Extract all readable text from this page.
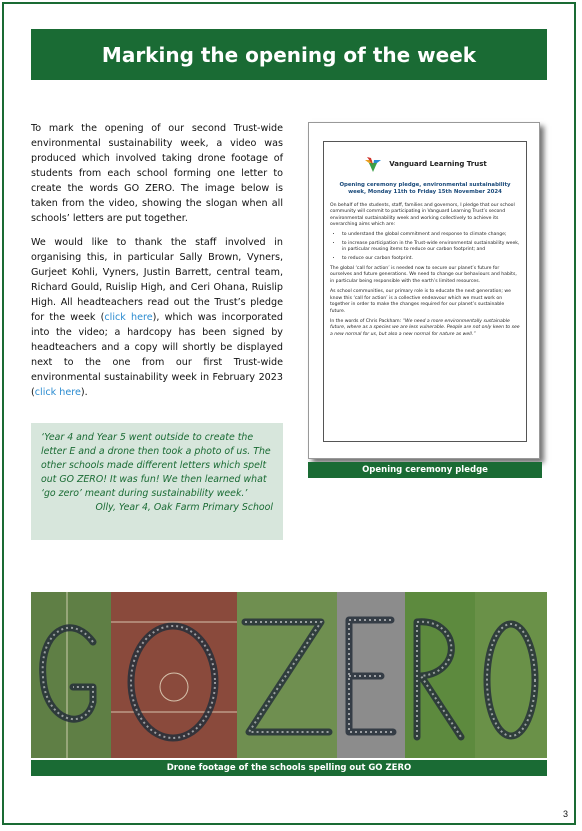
Marking the opening of the week

To mark the opening of our second Trust-wide environmental sustainability week, a video was produced which involved taking drone footage of students from each school forming one letter to create the words GO ZERO. The image below is taken from the video, showing the slogan when all schools’ letters are put together.

We would like to thank the staff involved in organising this, in particular Sally Brown, Vyners, Gurjeet Kohli, Vyners, Justin Barrett, central team, Richard Gould, Ruislip High, and Ceri Ohana, Ruislip High. All headteachers read out the Trust’s pledge for the week (click here), which was incorporated into the video; a hardcopy has been signed by headteachers and a copy will shortly be displayed next to the one from our first Trust-wide environmental sustainability week in February 2023 (click here).

‘Year 4 and Year 5 went outside to create the letter E and a drone then took a photo of us. The other schools made different letters which spelt out GO ZERO! It was fun! We then learned what ‘go zero’ meant during sustainability week.’
Olly, Year 4, Oak Farm Primary School
Vanguard Learning Trust
Opening ceremony pledge, environmental sustainability week, Monday 11th to Friday 15th November 2024

On behalf of the students, staff, families and governors, I pledge that our school community will commit to participating in Vanguard Learning Trust’s second environmental sustainability week and working collectively to achieve its overarching aims which are:

• to understand the global commitment and response to climate change;
• to increase participation in the Trust-wide environmental sustainability week, in particular reusing items to reduce our carbon footprint; and
• to reduce our carbon footprint.

The global ‘call for action’ is needed now to secure our planet’s future for ourselves and future generations. We need to change our behaviours and habits, in particular being responsible with the earth’s limited resources.

As school communities, our primary role is to educate the next generation; we know this ‘call for action’ is a collective endeavour which we must work on together in order to make the changes required for our planet’s sustainable future.

In the words of Chris Packham: “We need a more environmentally sustainable future, where as a species we are less vulnerable. People are not only keen to see a new normal for us, but also a new normal for nature as well.”

Opening ceremony pledge
Drone footage of the schools spelling out GO ZERO
3
